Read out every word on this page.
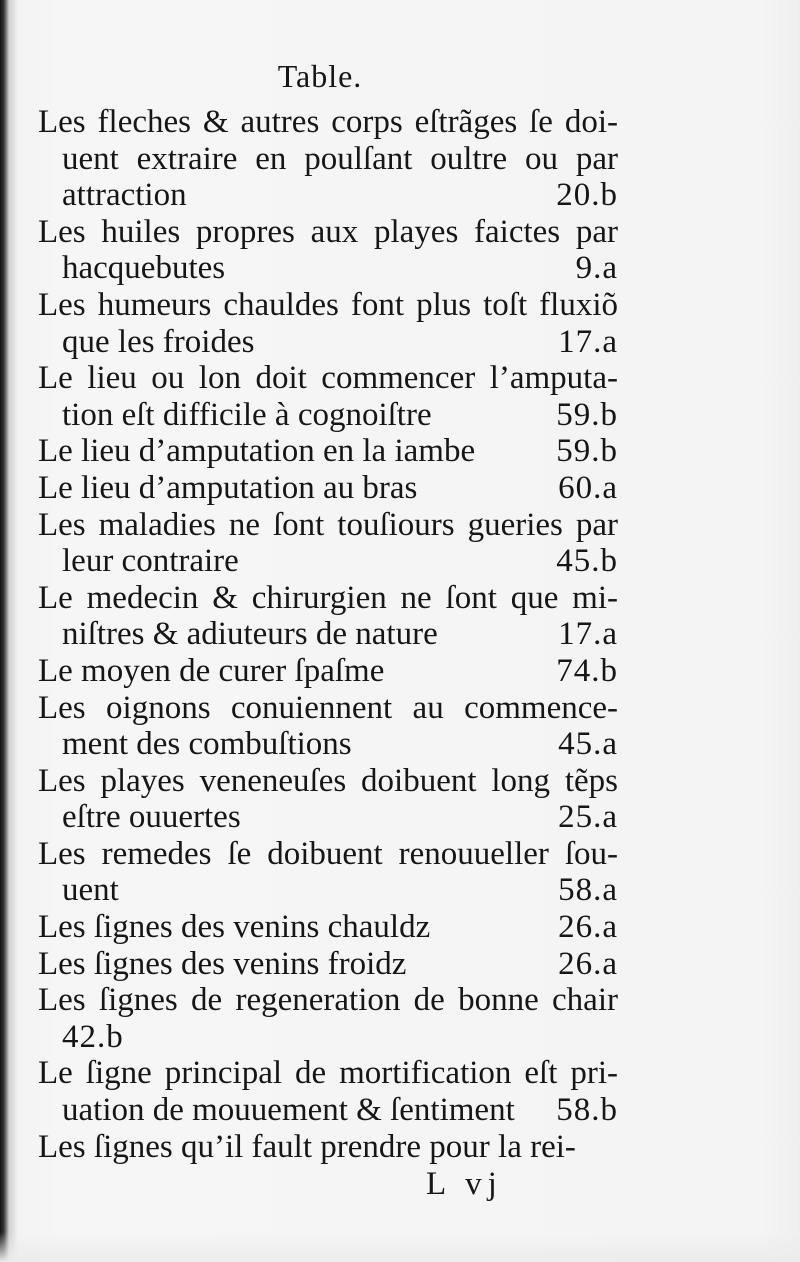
Table.
Les fleches & autres corps eſtrãges ſe doi-
uent extraire en poulſant oultre ou par
attraction	20.b
Les huiles propres aux playes faictes par
hacquebutes	9.a
Les humeurs chauldes font plus toſt fluxiõ
que les froides	17.a
Le lieu ou lon doit commencer l’amputa-
tion eſt difficile à cognoiſtre	59.b
Le lieu d’amputation en la iambe 59.b
Le lieu d’amputation au bras	60.a
Les maladies ne ſont touſiours gueries par
leur contraire	45.b
Le medecin & chirurgien ne ſont que mi-
niſtres & adiuteurs de nature	17.a
Le moyen de curer ſpaſme	74.b
Les oignons conuiennent au commence-
ment des combuſtions	45.a
Les playes veneneuſes doibuent long tẽps
eſtre ouuertes	25.a
Les remedes ſe doibuent renouueller ſou-
uent	58.a
Les ſignes des venins chauldz	26.a
Les ſignes des venins froidz	26.a
Les ſignes de regeneration de bonne chair
42.b
Le ſigne principal de mortification eſt pri-
uation de mouuement & ſentiment 58.b
Les ſignes qu’il fault prendre pour la rei-
L vj
